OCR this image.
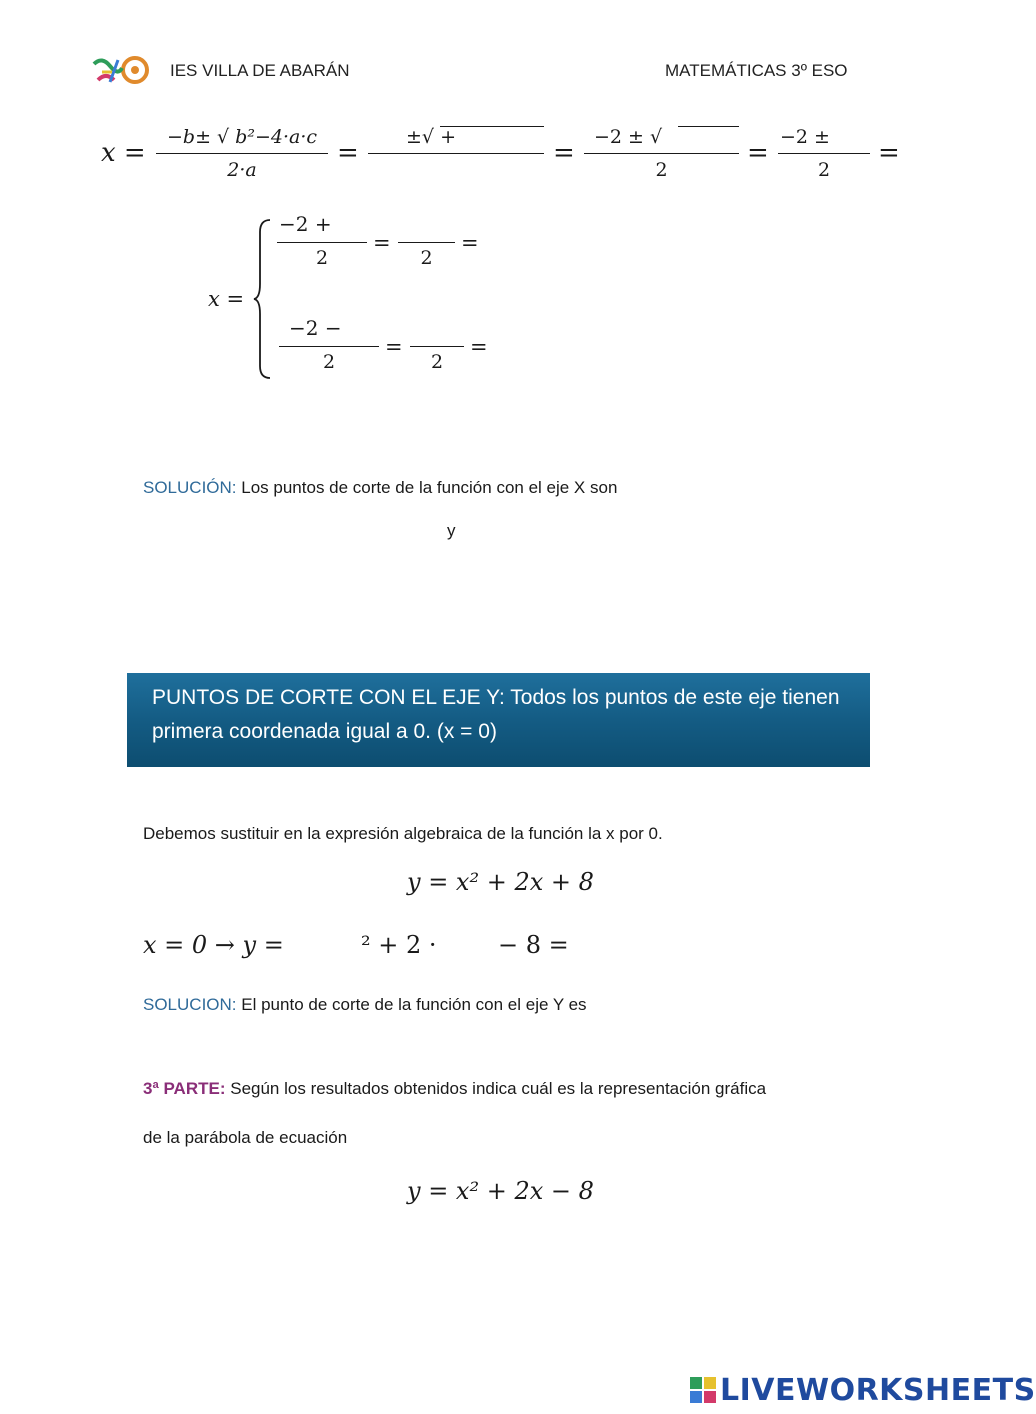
IES VILLA DE ABARÁN	MATEMÁTICAS 3º ESO
x =
−b± √ b²−4·a·c
2·a
=
±√ +
=
−2 ± √
2
=
−2 ±
2
=
x =
−2 +
2
=
2
=
−2 −
2
=
2
=
SOLUCIÓN: Los puntos de corte de la función con el eje X son
y
PUNTOS DE CORTE CON EL EJE Y: Todos los puntos de este eje tienen
primera coordenada igual a 0. (x = 0)
Debemos sustituir en la expresión algebraica de la función la x por 0.
y = x² + 2x + 8
x = 0 → y =	² + 2 ·	− 8 =
SOLUCION: El punto de corte de la función con el eje Y es
3ª PARTE: Según los resultados obtenidos indica cuál es la representación gráfica
de la parábola de ecuación
y = x² + 2x − 8
LIVEWORKSHEETS
